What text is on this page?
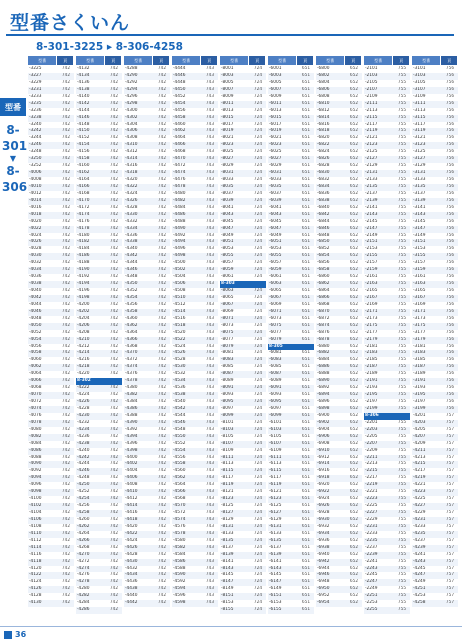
型番さくいん
8-301-3225 ▸ 8-306-4258
型番
8-301
▼
8-306
型番	頁
-3225	742
-3227	742
-3229	742
-3231	742
-3233	742
-3235	742
-3236	742
-3238	742
-3240	742
-3242	742
-3244	742
-3246	742
-3248	742
-3250	742
-3252	742
-4006	742
-4008	742
-4010	742
-4012	742
-4014	742
-4016	742
-4018	742
-4020	742
-4022	742
-4024	742
-4026	742
-4028	742
-4030	742
-4032	742
-4034	742
-4036	742
-4038	742
-4040	742
-4042	742
-4044	742
-4046	742
-4048	742
-4050	742
-4052	742
-4054	742
-4056	742
-4058	742
-4060	742
-4062	742
-4064	742
-4066	742
-4068	742
-4070	742
-4072	742
-4074	742
-4076	742
-4078	742
-4080	742
-4082	742
-4084	742
-4086	742
-4088	742
-4090	742
-4092	742
-4094	742
-4096	742
-4098	742
-4100	742
-4102	742
-4104	742
-4106	742
-4108	742
-4110	742
-4112	742
-4114	742
-4116	742
-4118	742
-4120	742
-4122	742
-4124	742
-4126	742
-4128	742
-4130	742
型番	頁
-4132	742
-4134	742
-4136	742
-4138	742
-4140	742
-4142	742
-4144	742
-4146	742
-4148	742
-4150	742
-4152	742
-4154	742
-4156	742
-4158	742
-4160	742
-4162	742
-4164	742
-4166	742
-4168	742
-4170	742
-4172	742
-4174	742
-4176	742
-4178	742
-4180	742
-4182	742
-4184	742
-4186	742
-4188	742
-4190	742
-4192	742
-4194	742
-4196	742
-4198	742
-4200	742
-4202	742
-4204	742
-4206	742
-4208	742
-4210	742
-4212	742
-4214	742
-4216	742
-4218	742
-4220	742
8-302
-4222	742
-4224	742
-4226	742
-4228	742
-4230	742
-4232	742
-4234	742
-4236	742
-4238	742
-4240	742
-4242	742
-4244	742
-4246	742
-4248	742
-4250	742
-4252	742
-4254	742
-4256	742
-4258	742
-4260	742
-4262	742
-4264	742
-4266	742
-4268	742
-4270	742
-4272	742
-4274	742
-4276	742
-4278	742
-4280	742
-4282	742
-4284	742
-4286	742
型番	頁
-4288	742
-4290	742
-4292	742
-4294	742
-4296	742
-4298	742
-4300	742
-4302	742
-4304	742
-4306	742
-4308	742
-4310	742
-4312	742
-4314	742
-4316	742
-4318	742
-4320	742
-4322	742
-4324	742
-4326	742
-4328	742
-4330	742
-4332	742
-4334	742
-4336	742
-4338	742
-4340	742
-4342	742
-4344	742
-4346	742
-4348	742
-4350	742
-4352	742
-4354	742
-4356	742
-4358	742
-4360	742
-4362	742
-4364	742
-4366	742
-4368	742
-4370	742
-4372	742
-4374	742
-4376	742
-4378	742
-4380	742
-4382	742
-4384	742
-4386	742
-4388	742
-4390	742
-4392	742
-4394	742
-4396	742
-4398	742
-4400	742
-4402	742
-4404	742
-4406	742
-4408	742
-4410	742
-4412	742
-4414	742
-4416	742
-4418	742
-4420	742
-4422	742
-4424	742
-4426	742
-4428	742
-4430	742
-4432	742
-4434	742
-4436	742
-4438	742
-4440	742
-4442	742
型番	頁
-4444	743
-4446	743
-4448	743
-4450	743
-4452	743
-4454	743
-4456	743
-4458	743
-4460	743
-4462	743
-4464	743
-4466	743
-4468	743
-4470	743
-4472	743
-4474	743
-4476	743
-4478	743
-4480	743
-4482	743
-4484	743
-4486	743
-4488	743
-4490	743
-4492	743
-4494	743
-4496	743
-4498	743
-4500	743
-4502	743
-4504	743
-4506	743
-4508	743
-4510	743
-4512	743
-4514	743
-4516	743
-4518	743
-4520	743
-4522	743
-4524	743
-4526	743
-4528	743
-4530	743
-4532	743
-4534	743
-4536	743
-4538	743
-4540	743
-4542	743
-4544	743
-4546	743
-4548	743
-4550	743
-4552	743
-4554	743
-4556	743
-4558	743
-4560	743
-4562	743
-4564	743
-4566	743
-4568	743
-4570	743
-4572	743
-4574	743
-4576	743
-4578	743
-4580	743
-4582	743
-4584	743
-4586	743
-4588	743
-4590	743
-4592	743
-4594	743
-4596	743
-4598	743
型番	頁
-8001	724
-8003	724
-8005	724
-8007	724
-8009	724
-8011	724
-8013	724
-8015	724
-8017	724
-8019	724
-8021	724
-8023	724
-8025	724
-8027	724
-8029	724
-8031	724
-8033	724
-8035	724
-8037	724
-8039	724
-8041	724
-8043	724
-8045	724
-8047	724
-8049	724
-8051	724
-8053	724
-8055	724
-8057	724
-8059	724
-8061	724
8-303
-8063	724
-8065	724
-8067	724
-8069	724
-8071	724
-8073	724
-8075	724
-8077	724
-8079	724
-8081	724
-8083	724
-8085	724
-8087	724
-8089	724
-8091	724
-8093	724
-8095	724
-8097	724
-8099	724
-8101	724
-8103	724
-8105	724
-8107	724
-8109	724
-8111	724
-8113	724
-8115	724
-8117	724
-8119	724
-8121	724
-8123	724
-8125	724
-8127	724
-8129	724
-8131	724
-8133	724
-8135	724
-8137	724
-8139	724
-8141	724
-8143	724
-8145	724
-8147	724
-8149	724
-8151	724
-8153	724
-8155	724
型番	頁
-6001	651
-6003	651
-6005	651
-6007	651
-6009	651
-6011	651
-6013	651
-6015	651
-6017	651
-6019	651
-6021	651
-6023	651
-6025	651
-6027	651
-6029	651
-6031	651
-6033	651
-6035	651
-6037	651
-6039	651
-6041	651
-6043	651
-6045	651
-6047	651
-6049	651
-6051	651
-6053	651
-6055	651
-6057	651
-6059	651
-6061	651
-6063	651
-6065	651
-6067	651
-6069	651
-6071	651
-6073	651
-6075	651
-6077	651
-6079	651
8-305
-6081	651
-6083	651
-6085	651
-6087	651
-6089	651
-6091	651
-6093	651
-6095	651
-6097	651
-6099	651
-6101	651
-6103	651
-6105	651
-6107	651
-6109	651
-6111	651
-6113	651
-6115	651
-6117	651
-6119	651
-6121	651
-6123	651
-6125	651
-6127	651
-6129	651
-6131	651
-6133	651
-6135	651
-6137	651
-6139	651
-6141	651
-6143	651
-6145	651
-6147	651
-6149	651
-6151	651
-6153	651
-6155	651
型番	頁
-6800	652
-6802	652
-6804	652
-6806	652
-6808	652
-6810	652
-6812	652
-6814	652
-6816	652
-6818	652
-6820	652
-6822	652
-6824	652
-6826	652
-6828	652
-6830	652
-6832	652
-6834	652
-6836	652
-6838	652
-6840	652
-6842	652
-6844	652
-6846	652
-6848	652
-6850	652
-6852	652
-6854	652
-6856	652
-6858	652
-6860	652
-6862	652
-6864	652
-6866	652
-6868	652
-6870	652
-6872	652
-6874	652
-6876	652
-6878	652
-6880	652
-6882	652
-6884	652
-6886	652
-6888	652
-6890	652
-6892	652
-6894	652
-6896	652
-6898	652
-6900	652
-6902	652
-6904	652
-6906	652
-6908	652
-6910	652
-6912	652
-6914	652
-6916	652
-6918	652
-6920	652
-6922	652
-6924	652
-6926	652
-6928	652
-6930	652
-6932	652
-6934	652
-6936	652
-6938	652
-6940	652
-6942	652
-6944	652
-6946	652
-6948	652
-6950	652
-6952	652
-6954	652
型番	頁
-2101	755
-2103	755
-2105	755
-2107	755
-2109	755
-2111	755
-2113	755
-2115	755
-2117	755
-2119	755
-2121	755
-2123	755
-2125	755
-2127	755
-2129	755
-2131	755
-2133	755
-2135	755
-2137	755
-2139	755
-2141	755
-2143	755
-2145	755
-2147	755
-2149	755
-2151	755
-2153	755
-2155	755
-2157	755
-2159	755
-2161	755
-2163	755
-2165	755
-2167	755
-2169	755
-2171	755
-2173	755
-2175	755
-2177	755
-2179	755
-2181	755
-2183	755
-2185	755
-2187	755
-2189	755
-2191	755
-2193	755
-2195	755
-2197	755
-2199	755
8-306
-2201	755
-2203	755
-2205	755
-2207	755
-2209	755
-2211	755
-2213	755
-2215	755
-2217	755
-2219	755
-2221	755
-2223	755
-2225	755
-2227	755
-2229	755
-2231	755
-2233	755
-2235	755
-2237	755
-2239	755
-2241	755
-2243	755
-2245	755
-2247	755
-2249	755
-2251	755
-2253	755
-2255	755
型番	頁
-3101	756
-3103	756
-3105	756
-3107	756
-3109	756
-3111	756
-3113	756
-3115	756
-3117	756
-3119	756
-3121	756
-3123	756
-3125	756
-3127	756
-3129	756
-3131	756
-3133	756
-3135	756
-3137	756
-3139	756
-3141	756
-3143	756
-3145	756
-3147	756
-3149	756
-3151	756
-3153	756
-3155	756
-3157	756
-3159	756
-3161	756
-3163	756
-3165	756
-3167	756
-3169	756
-3171	756
-3173	756
-3175	756
-3177	756
-3179	756
-3181	756
-3183	756
-3185	756
-3187	756
-3189	756
-3191	756
-3193	756
-3195	756
-3197	756
-3199	756
-4201	757
-4203	757
-4205	757
-4207	757
-4209	757
-4211	757
-4213	757
-4215	757
-4217	757
-4219	757
-4221	757
-4223	757
-4225	757
-4227	757
-4229	757
-4231	757
-4233	757
-4235	757
-4237	757
-4239	757
-4241	757
-4243	757
-4245	757
-4247	757
-4249	757
-4251	757
-4253	757
-4258	757
36
